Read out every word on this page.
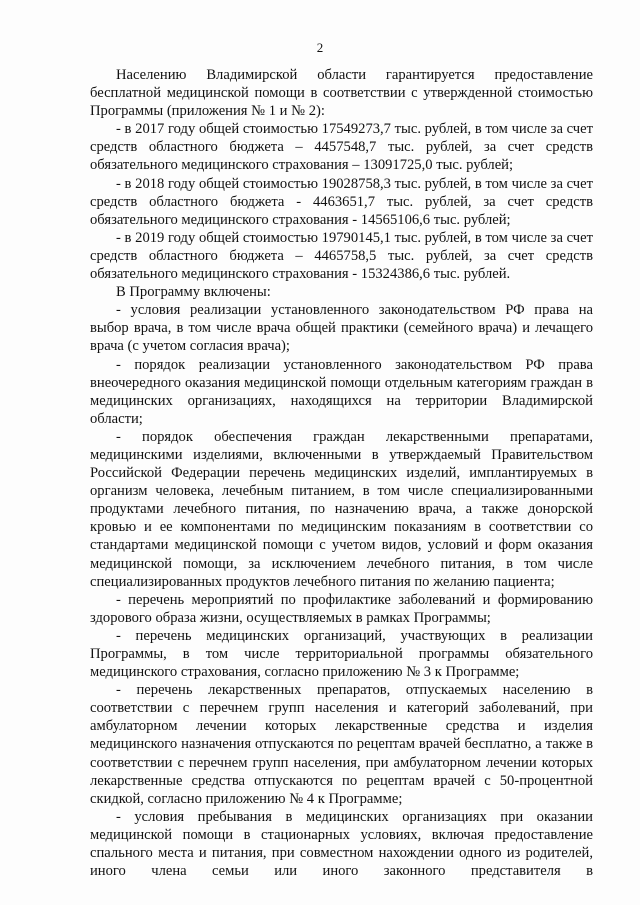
2

Населению Владимирской области гарантируется предоставление бесплатной медицинской помощи в соответствии с утвержденной стоимостью Программы (приложения № 1 и № 2):

- в 2017 году общей стоимостью 17549273,7 тыс. рублей, в том числе за счет средств областного бюджета – 4457548,7 тыс. рублей, за счет средств обязательного медицинского страхования – 13091725,0 тыс. рублей;

- в 2018 году общей стоимостью 19028758,3 тыс. рублей, в том числе за счет средств областного бюджета - 4463651,7 тыс. рублей, за счет средств обязательного медицинского страхования - 14565106,6 тыс. рублей;

- в 2019 году общей стоимостью 19790145,1 тыс. рублей, в том числе за счет средств областного бюджета – 4465758,5 тыс. рублей, за счет средств обязательного медицинского страхования - 15324386,6 тыс. рублей.

В Программу включены:

- условия реализации установленного законодательством РФ права на выбор врача, в том числе врача общей практики (семейного врача) и лечащего врача (с учетом согласия врача);

- порядок реализации установленного законодательством РФ права внеочередного оказания медицинской помощи отдельным категориям граждан в медицинских организациях, находящихся на территории Владимирской области;

- порядок обеспечения граждан лекарственными препаратами, медицинскими изделиями, включенными в утверждаемый Правительством Российской Федерации перечень медицинских изделий, имплантируемых в организм человека, лечебным питанием, в том числе специализированными продуктами лечебного питания, по назначению врача, а также донорской кровью и ее компонентами по медицинским показаниям в соответствии со стандартами медицинской помощи с учетом видов, условий и форм оказания медицинской помощи, за исключением лечебного питания, в том числе специализированных продуктов лечебного питания по желанию пациента;

- перечень мероприятий по профилактике заболеваний и формированию здорового образа жизни, осуществляемых в рамках Программы;

- перечень медицинских организаций, участвующих в реализации Программы, в том числе территориальной программы обязательного медицинского страхования, согласно приложению № 3 к Программе;

- перечень лекарственных препаратов, отпускаемых населению в соответствии с перечнем групп населения и категорий заболеваний, при амбулаторном лечении которых лекарственные средства и изделия медицинского назначения отпускаются по рецептам врачей бесплатно, а также в соответствии с перечнем групп населения, при амбулаторном лечении которых лекарственные средства отпускаются по рецептам врачей с 50-процентной скидкой, согласно приложению № 4 к Программе;

- условия пребывания в медицинских организациях при оказании медицинской помощи в стационарных условиях, включая предоставление спального места и питания, при совместном нахождении одного из родителей, иного члена семьи или иного законного представителя в
